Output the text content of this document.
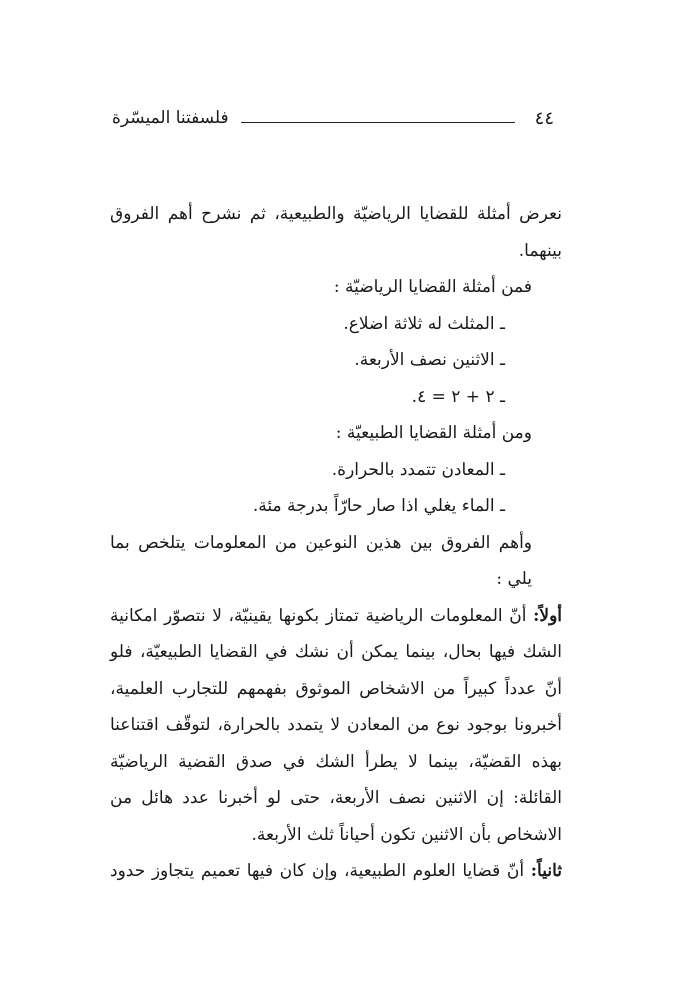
٤٤
فلسفتنا الميسّرة

نعرض أمثلة للقضايا الرياضيّة والطبيعية، ثم نشرح أهم الفروق بينهما.

فمن أمثلة القضايا الرياضيّة :

ـ المثلث له ثلاثة اضلاع.

ـ الاثنين نصف الأربعة.

ـ ٢ + ٢ = ٤.

ومن أمثلة القضايا الطبيعيّة :

ـ المعادن تتمدد بالحرارة.

ـ الماء يغلي اذا صار حارّاً بدرجة مئة.

وأهم الفروق بين هذين النوعين من المعلومات يتلخص بما يلي :

أولاً: أنّ المعلومات الرياضية تمتاز بكونها يقينيّة، لا نتصوّر امكانية الشك فيها بحال، بينما يمكن أن نشك في القضايا الطبيعيّة، فلو أنّ عدداً كبيراً من الاشخاص الموثوق بفهمهم للتجارب العلمية، أخبرونا بوجود نوع من المعادن لا يتمدد بالحرارة، لتوقّف اقتناعنا بهذه القضيّة، بينما لا يطرأ الشك في صدق القضية الرياضيّة القائلة: إن الاثنين نصف الأربعة، حتى لو أخبرنا عدد هائل من الاشخاص بأن الاثنين تكون أحياناً ثلث الأربعة.

ثانياً: أنّ قضايا العلوم الطبيعية، وإن كان فيها تعميم يتجاوز حدود
